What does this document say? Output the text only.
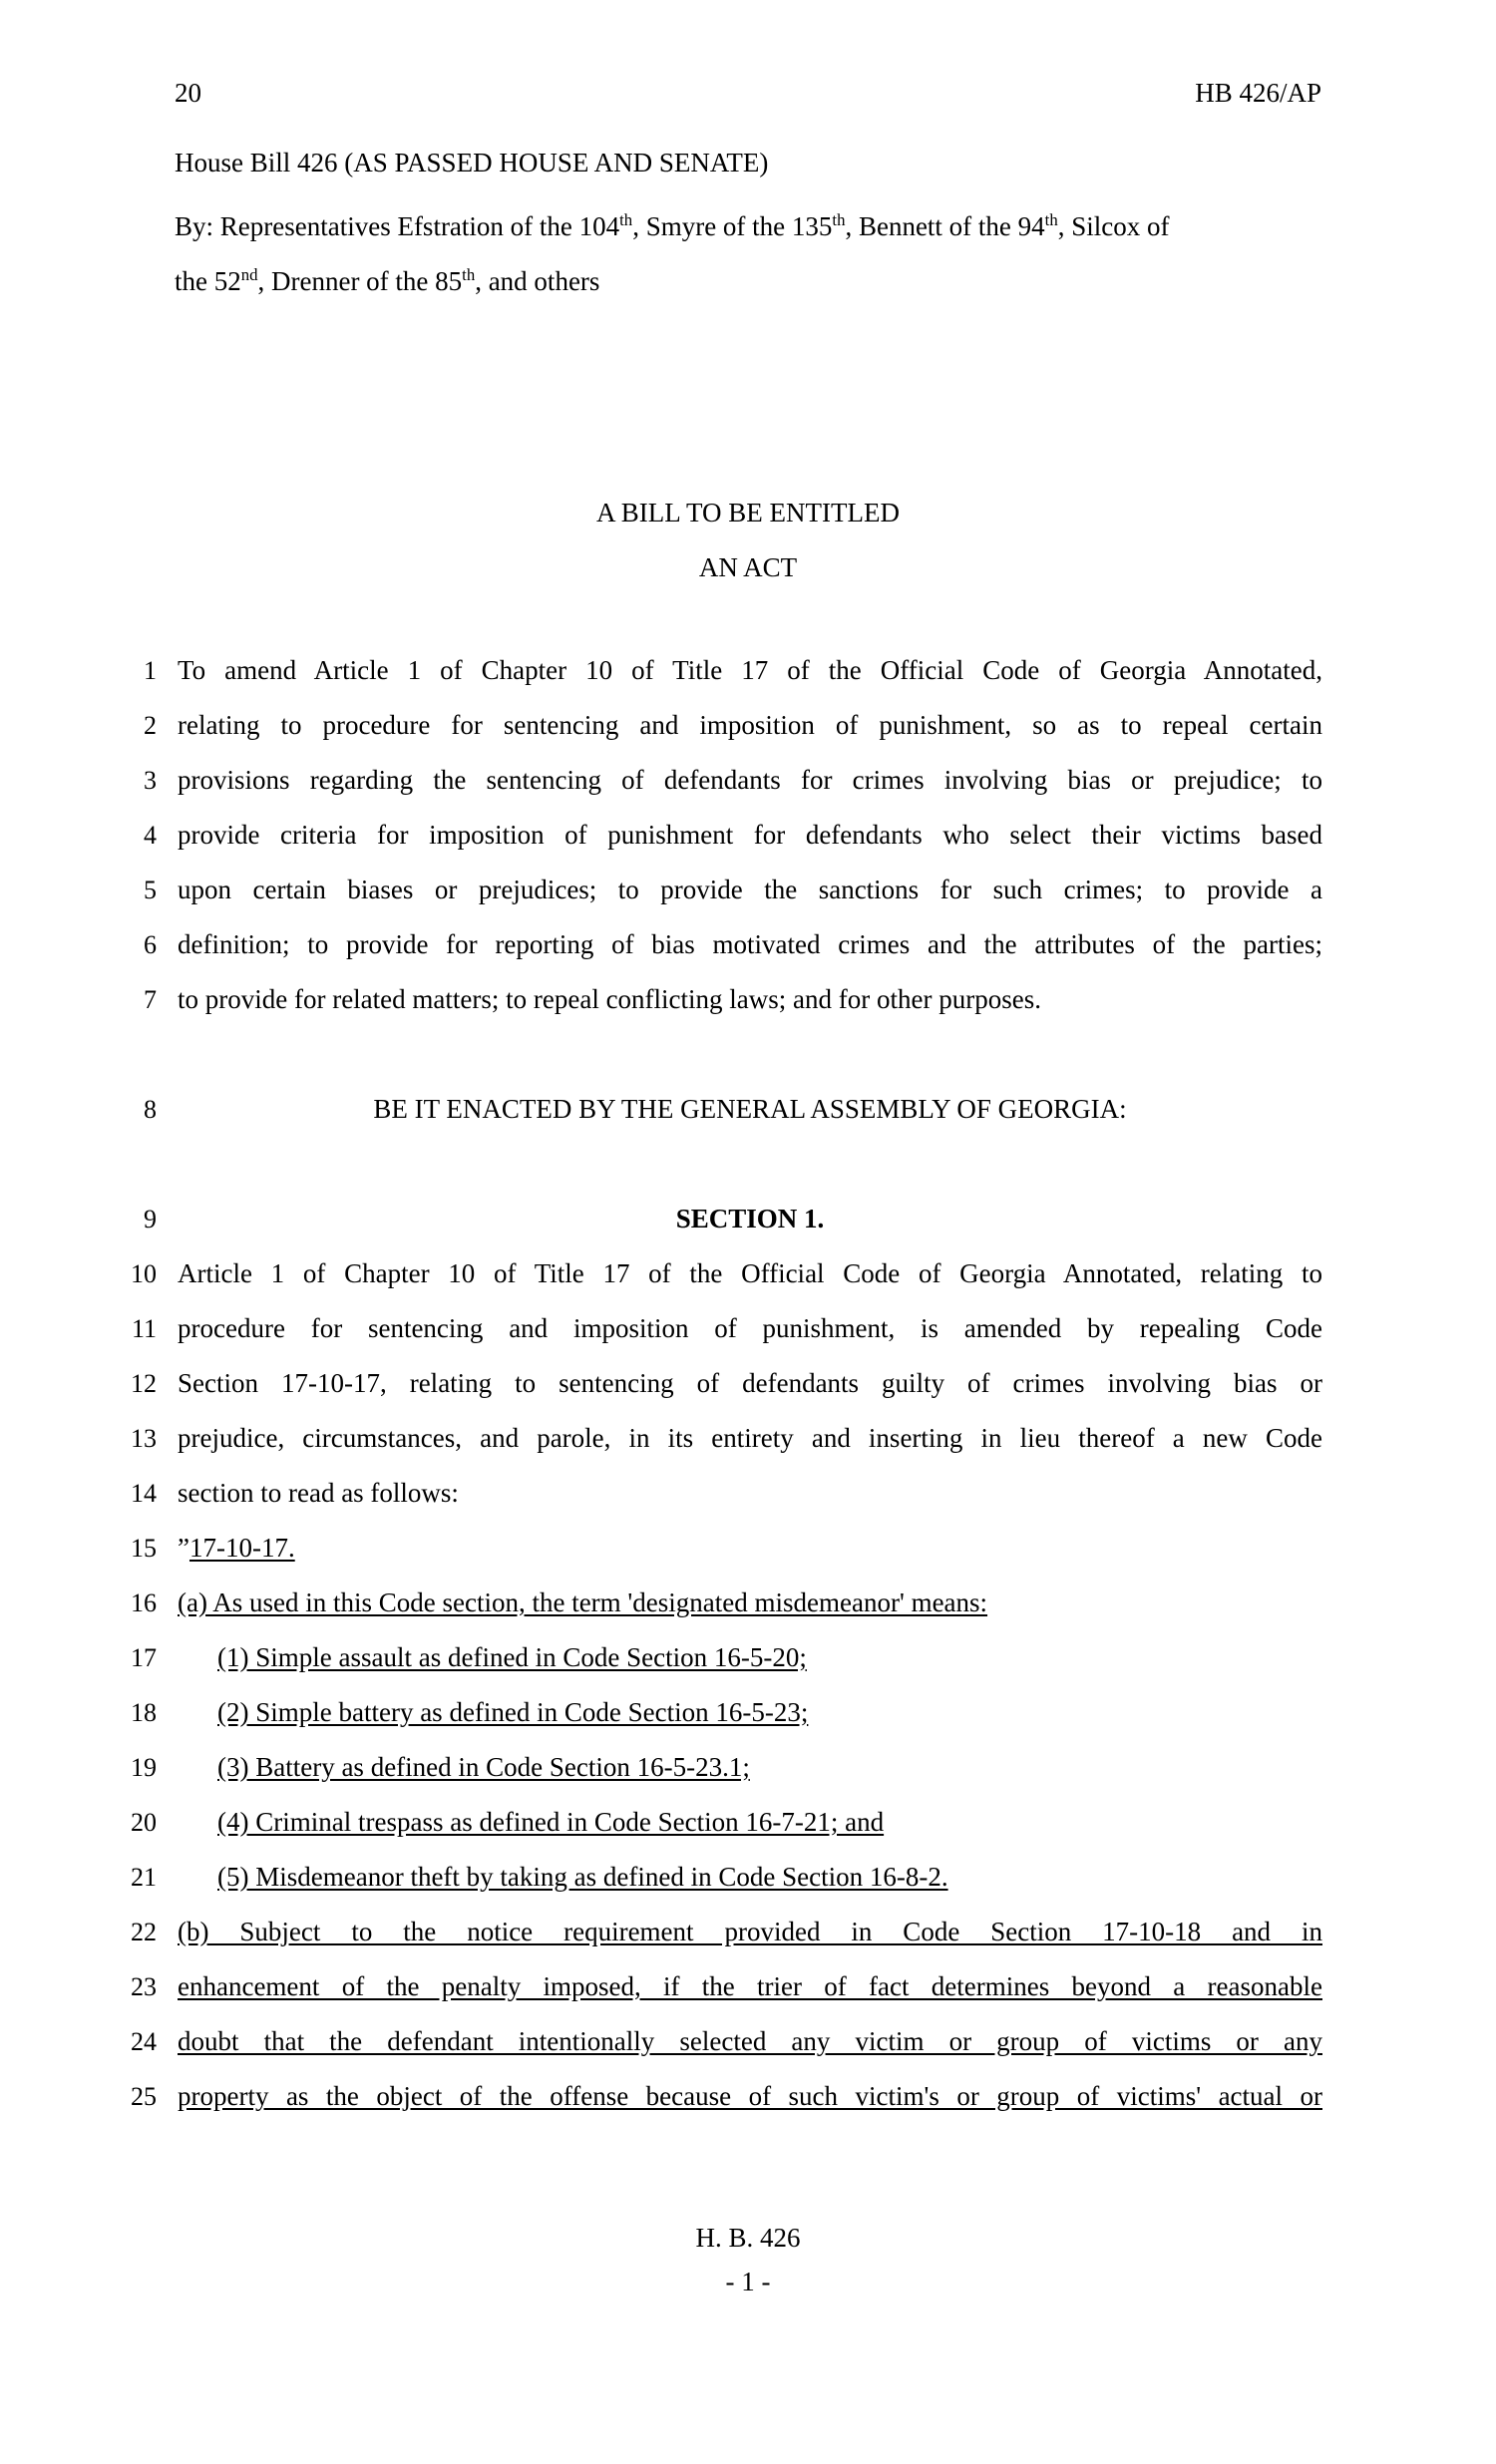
20	HB 426/AP
House Bill 426 (AS PASSED HOUSE AND SENATE)
By: Representatives Efstration of the 104th, Smyre of the 135th, Bennett of the 94th, Silcox of
the 52nd, Drenner of the 85th, and others
A BILL TO BE ENTITLED
AN ACT
1 To amend Article 1 of Chapter 10 of Title 17 of the Official Code of Georgia Annotated,
2 relating to procedure for sentencing and imposition of punishment, so as to repeal certain
3 provisions regarding the sentencing of defendants for crimes involving bias or prejudice; to
4 provide criteria for imposition of punishment for defendants who select their victims based
5 upon certain biases or prejudices; to provide the sanctions for such crimes; to provide a
6 definition; to provide for reporting of bias motivated crimes and the attributes of the parties;
7 to provide for related matters; to repeal conflicting laws; and for other purposes.
8	BE IT ENACTED BY THE GENERAL ASSEMBLY OF GEORGIA:
9	SECTION 1.
10 Article 1 of Chapter 10 of Title 17 of the Official Code of Georgia Annotated, relating to
11 procedure for sentencing and imposition of punishment, is amended by repealing Code
12 Section 17-10-17, relating to sentencing of defendants guilty of crimes involving bias or
13 prejudice, circumstances, and parole, in its entirety and inserting in lieu thereof a new Code
14 section to read as follows:
15 ”17-10-17.
16 (a) As used in this Code section, the term 'designated misdemeanor' means:
17 (1) Simple assault as defined in Code Section 16-5-20;
18 (2) Simple battery as defined in Code Section 16-5-23;
19 (3) Battery as defined in Code Section 16-5-23.1;
20 (4) Criminal trespass as defined in Code Section 16-7-21; and
21 (5) Misdemeanor theft by taking as defined in Code Section 16-8-2.
22 (b) Subject to the notice requirement provided in Code Section 17-10-18 and in
23 enhancement of the penalty imposed, if the trier of fact determines beyond a reasonable
24 doubt that the defendant intentionally selected any victim or group of victims or any
25 property as the object of the offense because of such victim's or group of victims' actual or
H. B. 426
- 1 -
